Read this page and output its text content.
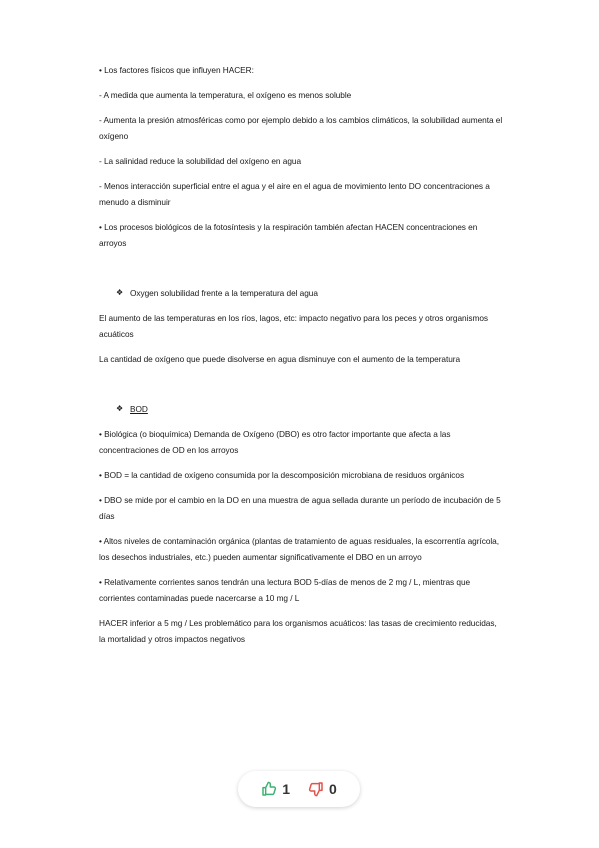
• Los factores físicos que influyen HACER:

- A medida que aumenta la temperatura, el oxígeno es menos soluble

- Aumenta la presión atmosféricas como por ejemplo debido a los cambios climáticos, la solubilidad aumenta el oxígeno

- La salinidad reduce la solubilidad del oxígeno en agua

- Menos interacción superficial entre el agua y el aire en el agua de movimiento lento DO concentraciones a menudo a disminuir

• Los procesos biológicos de la fotosíntesis y la respiración también afectan HACEN concentraciones en arroyos

❖ Oxygen solubilidad frente a la temperatura del agua

El aumento de las temperaturas en los ríos, lagos, etc: impacto negativo para los peces y otros organismos acuáticos

La cantidad de oxígeno que puede disolverse en agua disminuye con el aumento de la temperatura

❖ BOD

• Biológica (o bioquímica) Demanda de Oxígeno (DBO) es otro factor importante que afecta a las concentraciones de OD en los arroyos

• BOD = la cantidad de oxígeno consumida por la descomposición microbiana de residuos orgánicos

• DBO se mide por el cambio en la DO en una muestra de agua sellada durante un período de incubación de 5 días

• Altos niveles de contaminación orgánica (plantas de tratamiento de aguas residuales, la escorrentía agrícola, los desechos industriales, etc.) pueden aumentar significativamente el DBO en un arroyo

• Relativamente corrientes sanos tendrán una lectura BOD 5-días de menos de 2 mg / L, mientras que corrientes contaminadas puede nacercarse a 10 mg / L

HACER inferior a 5 mg / Les problemático para los organismos acuáticos: las tasas de crecimiento reducidas, la mortalidad y otros impactos negativos

1	0
